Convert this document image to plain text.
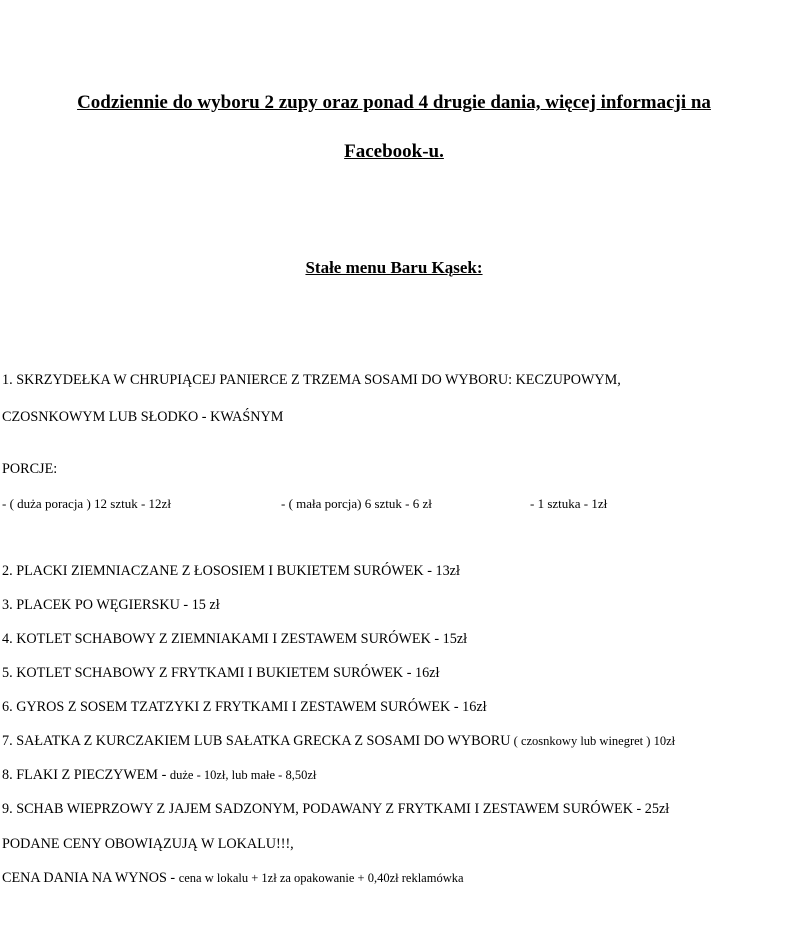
Codziennie do wyboru 2 zupy oraz ponad 4 drugie dania, więcej informacji na

Facebook-u.

Stałe menu Baru Kąsek:

1. SKRZYDEŁKA W CHRUPIĄCEJ PANIERCE Z TRZEMA SOSAMI DO WYBORU: KECZUPOWYM,

CZOSNKOWYM LUB SŁODKO - KWAŚNYM

PORCJE:

- ( duża poracja ) 12 sztuk - 12zł	- ( mała porcja) 6 sztuk - 6 zł	- 1 sztuka - 1zł

2. PLACKI ZIEMNIACZANE Z ŁOSOSIEM I BUKIETEM SURÓWEK - 13zł

3. PLACEK PO WĘGIERSKU - 15 zł

4. KOTLET SCHABOWY Z ZIEMNIAKAMI I ZESTAWEM SURÓWEK - 15zł

5. KOTLET SCHABOWY Z FRYTKAMI I BUKIETEM SURÓWEK - 16zł

6. GYROS Z SOSEM TZATZYKI Z FRYTKAMI I ZESTAWEM SURÓWEK - 16zł

7. SAŁATKA Z KURCZAKIEM LUB SAŁATKA GRECKA Z SOSAMI DO WYBORU ( czosnkowy lub winegret ) 10zł

8. FLAKI Z PIECZYWEM - duże - 10zł, lub małe - 8,50zł

9. SCHAB WIEPRZOWY Z JAJEM SADZONYM, PODAWANY Z FRYTKAMI I ZESTAWEM SURÓWEK - 25zł

PODANE CENY OBOWIĄZUJĄ W LOKALU!!!,

CENA DANIA NA WYNOS - cena w lokalu + 1zł za opakowanie + 0,40zł reklamówka
